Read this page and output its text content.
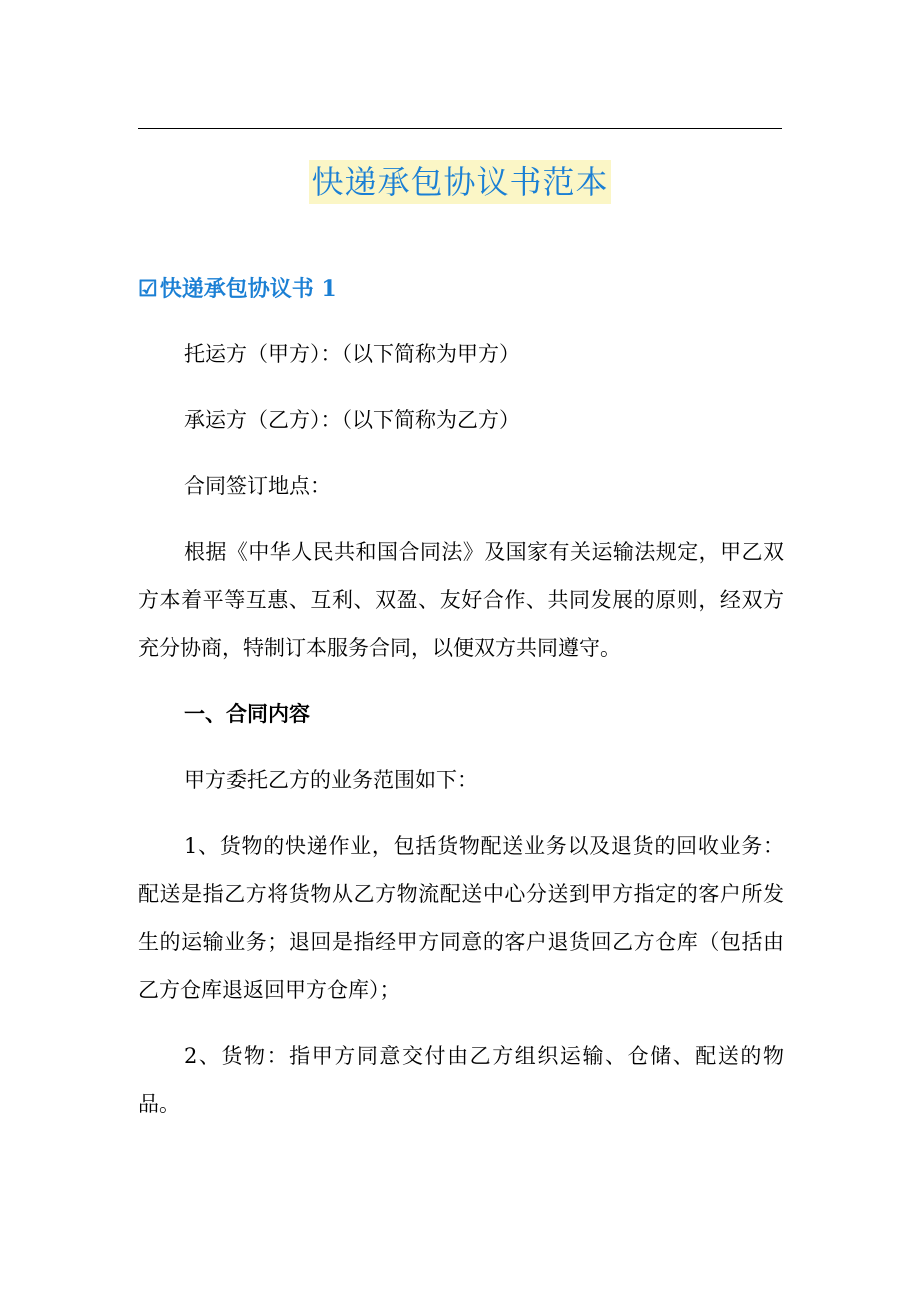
快递承包协议书范本
☑快递承包协议书 1

托运方（甲方）：（以下简称为甲方）

承运方（乙方）：（以下简称为乙方）

合同签订地点：

根据《中华人民共和国合同法》及国家有关运输法规定，甲乙双方本着平等互惠、互利、双盈、友好合作、共同发展的原则，经双方充分协商，特制订本服务合同，以便双方共同遵守。

一、合同内容

甲方委托乙方的业务范围如下：

1、货物的快递作业，包括货物配送业务以及退货的回收业务：配送是指乙方将货物从乙方物流配送中心分送到甲方指定的客户所发生的运输业务；退回是指经甲方同意的客户退货回乙方仓库（包括由乙方仓库退返回甲方仓库）；

2、货物：指甲方同意交付由乙方组织运输、仓储、配送的物品。
